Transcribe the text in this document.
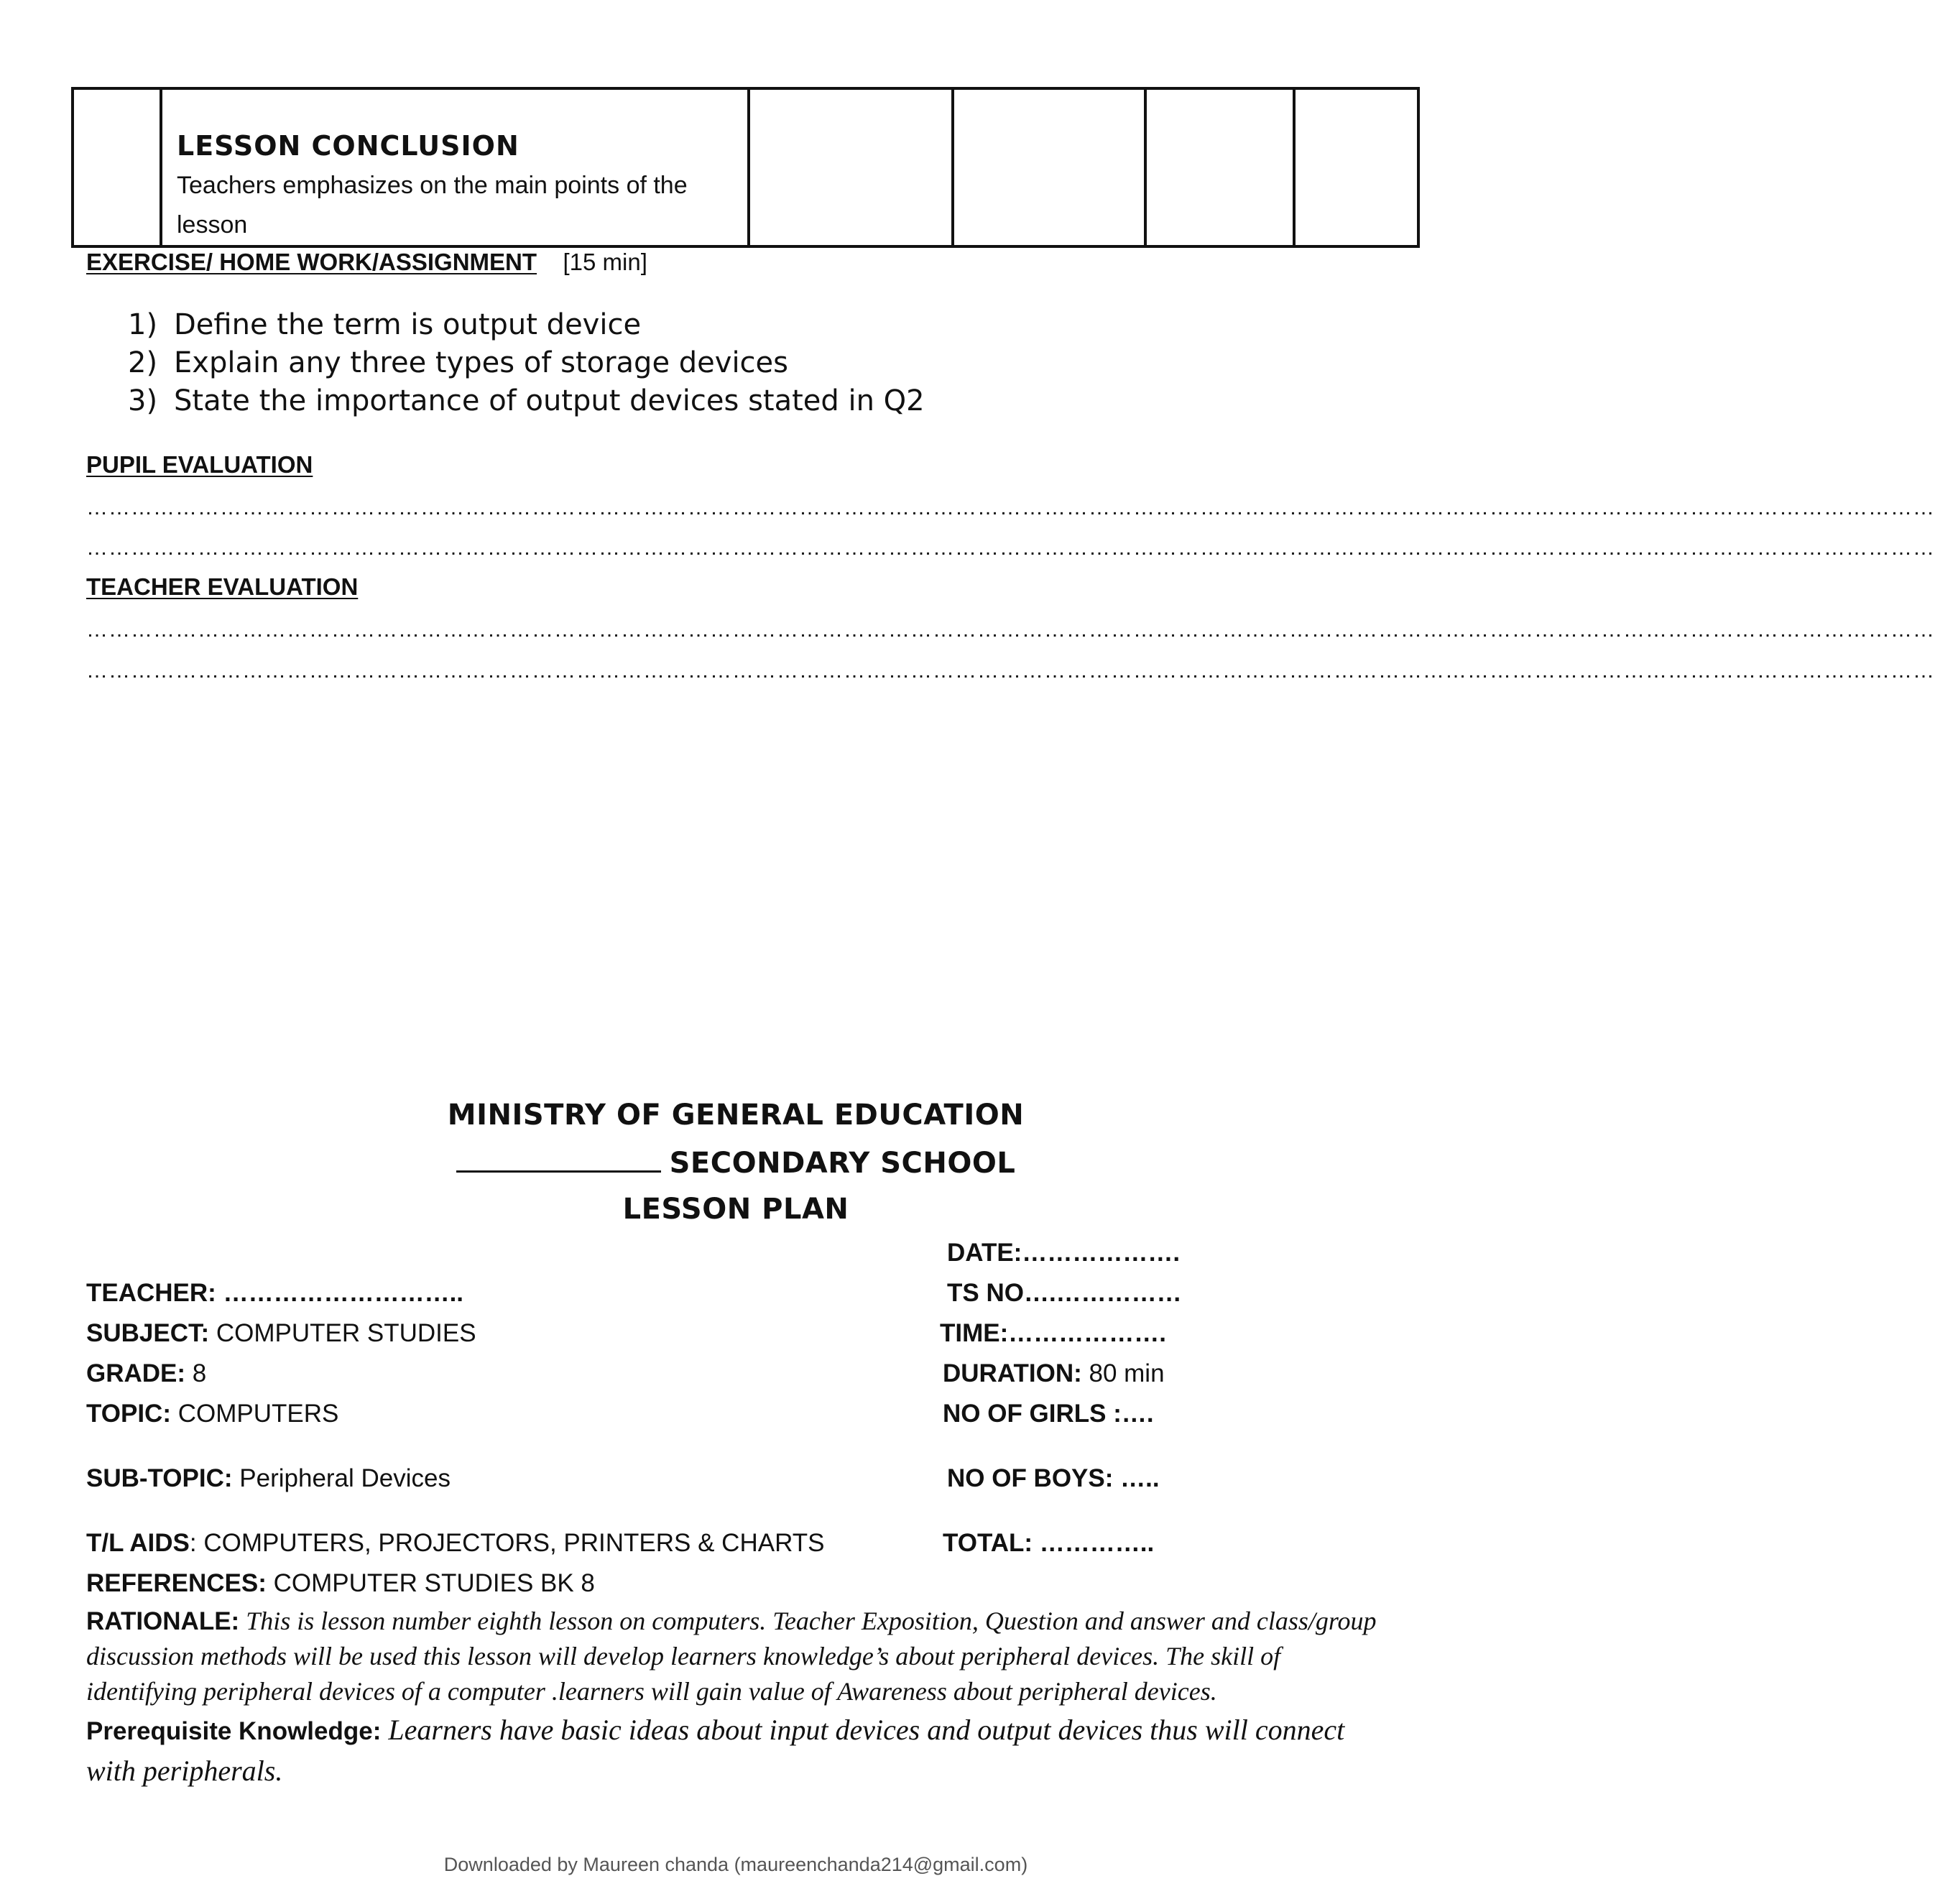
LESSON CONCLUSION
Teachers emphasizes on the main points of the lesson

EXERCISE/ HOME WORK/ASSIGNMENT [15 min]
1) Define the term is output device
2) Explain any three types of storage devices
3) State the importance of output devices stated in Q2
PUPIL EVALUATION
……………………………………………………………………………………………………………………………………………………………………………………………………………………………
……………………………………………………………………………………………………………………………………………………………………………………………………………………………
TEACHER EVALUATION
……………………………………………………………………………………………………………………………………………………………………………………………………………………………
……………………………………………………………………………………………………………………………………………………………………………………………………………………………
MINISTRY OF GENERAL EDUCATION
SECONDARY SCHOOL
LESSON PLAN
TEACHER: ………………………..
SUBJECT: COMPUTER STUDIES
GRADE: 8
TOPIC: COMPUTERS
SUB-TOPIC: Peripheral Devices
T/L AIDS: COMPUTERS, PROJECTORS, PRINTERS & CHARTS
REFERENCES: COMPUTER STUDIES BK 8
DATE:……………….
TS NO….……………
TIME:……………….
DURATION: 80 min
NO OF GIRLS :….
NO OF BOYS: …..
TOTAL: …………..
RATIONALE: This is lesson number eighth lesson on computers. Teacher Exposition, Question and answer and class/group discussion methods will be used this lesson will develop learners knowledge’s about peripheral devices. The skill of identifying peripheral devices of a computer .learners will gain value of Awareness about peripheral devices.
Prerequisite Knowledge: Learners have basic ideas about input devices and output devices thus will connect with peripherals.
Downloaded by Maureen chanda (maureenchanda214@gmail.com)
